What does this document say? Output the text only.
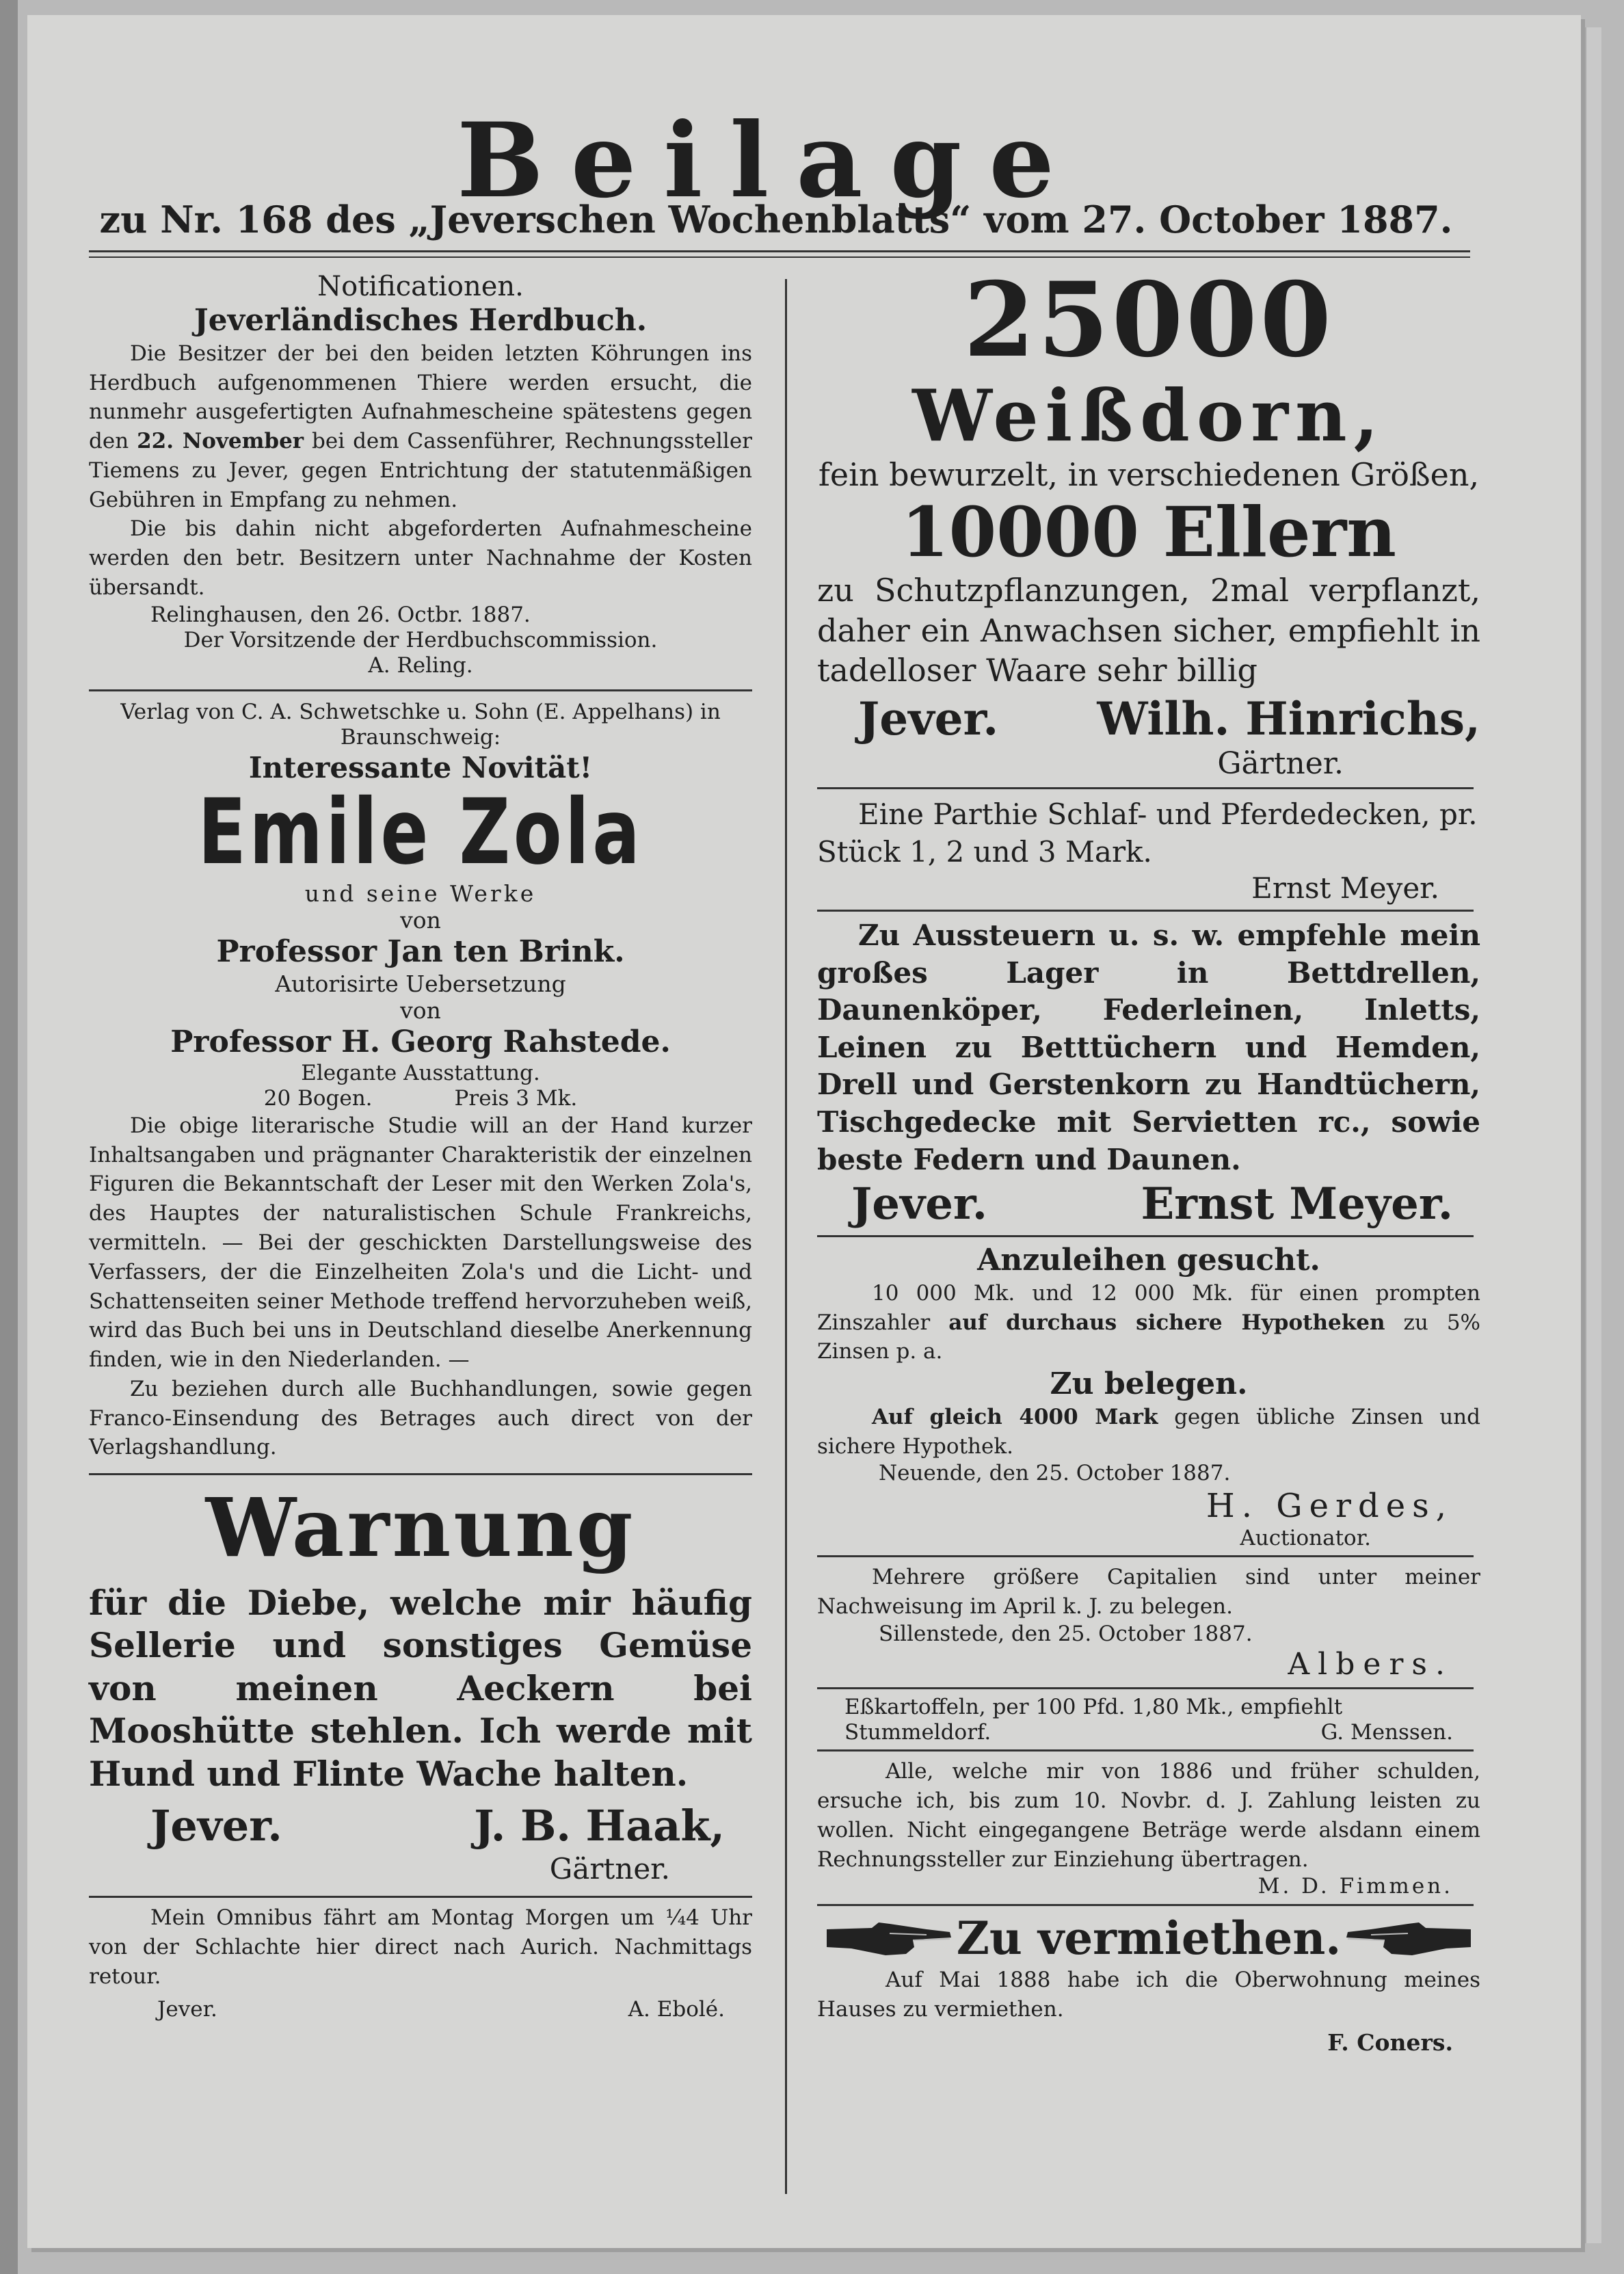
Beilage
zu Nr. 168 des „Jeverschen Wochenblatts“ vom 27. October 1887.
Notificationen.
Jeverländisches Herdbuch.
Die Besitzer der bei den beiden letzten Köhrungen ins Herdbuch aufgenommenen Thiere werden ersucht, die nunmehr ausgefertigten Aufnahmescheine spätestens gegen den 22. November bei dem Cassenführer, Rechnungssteller Tiemens zu Jever, gegen Entrichtung der statutenmäßigen Gebühren in Empfang zu nehmen.
Die bis dahin nicht abgeforderten Aufnahmescheine werden den betr. Besitzern unter Nachnahme der Kosten übersandt.
Relinghausen, den 26. Octbr. 1887.
Der Vorsitzende der Herdbuchscommission.
A. Reling.
Verlag von C. A. Schwetschke u. Sohn (E. Appelhans) in Braunschweig:
Interessante Novität!
Emile Zola
und seine Werke
von
Professor Jan ten Brink.
Autorisirte Uebersetzung
von
Professor H. Georg Rahstede.
Elegante Ausstattung.
20 Bogen.	Preis 3 Mk.
Die obige literarische Studie will an der Hand kurzer Inhaltsangaben und prägnanter Charakteristik der einzelnen Figuren die Bekanntschaft der Leser mit den Werken Zola's, des Hauptes der naturalistischen Schule Frankreichs, vermitteln. — Bei der geschickten Darstellungsweise des Verfassers, der die Einzelheiten Zola's und die Licht- und Schattenseiten seiner Methode treffend hervorzuheben weiß, wird das Buch bei uns in Deutschland dieselbe Anerkennung finden, wie in den Niederlanden. —
Zu beziehen durch alle Buchhandlungen, sowie gegen Franco-Einsendung des Betrages auch direct von der Verlagshandlung.
Warnung
für die Diebe, welche mir häufig Sellerie und sonstiges Gemüse von meinen Aeckern bei Mooshütte stehlen. Ich werde mit Hund und Flinte Wache halten.
Jever.	J. B. Haak,
Gärtner.
Mein Omnibus fährt am Montag Morgen um ¼4 Uhr von der Schlachte hier direct nach Aurich. Nachmittags retour.
Jever.	A. Ebolé.
25000
Weißdorn,
fein bewurzelt, in verschiedenen Größen,
10000 Ellern
zu Schutzpflanzungen, 2mal verpflanzt, daher ein Anwachsen sicher, empfiehlt in tadelloser Waare sehr billig
Jever. Wilh. Hinrichs,
Gärtner.
Eine Parthie Schlaf- und Pferdedecken, pr. Stück 1, 2 und 3 Mark.
Ernst Meyer.
Zu Aussteuern u. s. w. empfehle mein großes Lager in Bettdrellen, Daunenköper, Federleinen, Inletts, Leinen zu Betttüchern und Hemden, Drell und Gerstenkorn zu Handtüchern, Tischgedecke mit Servietten rc., sowie beste Federn und Daunen.
Jever.	Ernst Meyer.
Anzuleihen gesucht.
10 000 Mk. und 12 000 Mk. für einen prompten Zinszahler auf durchaus sichere Hypotheken zu 5% Zinsen p. a.
Zu belegen.
Auf gleich 4000 Mark gegen übliche Zinsen und sichere Hypothek.
Neuende, den 25. October 1887.
H. Gerdes,
Auctionator.
Mehrere größere Capitalien sind unter meiner Nachweisung im April k. J. zu belegen.
Sillenstede, den 25. October 1887.
Albers.
Eßkartoffeln, per 100 Pfd. 1,80 Mk., empfiehlt
Stummeldorf.	G. Menssen.
Alle, welche mir von 1886 und früher schulden, ersuche ich, bis zum 10. Novbr. d. J. Zahlung leisten zu wollen. Nicht eingegangene Beträge werde alsdann einem Rechnungssteller zur Einziehung übertragen.
M. D. Fimmen.
Zu vermiethen.
Auf Mai 1888 habe ich die Oberwohnung meines Hauses zu vermiethen.
F. Coners.
